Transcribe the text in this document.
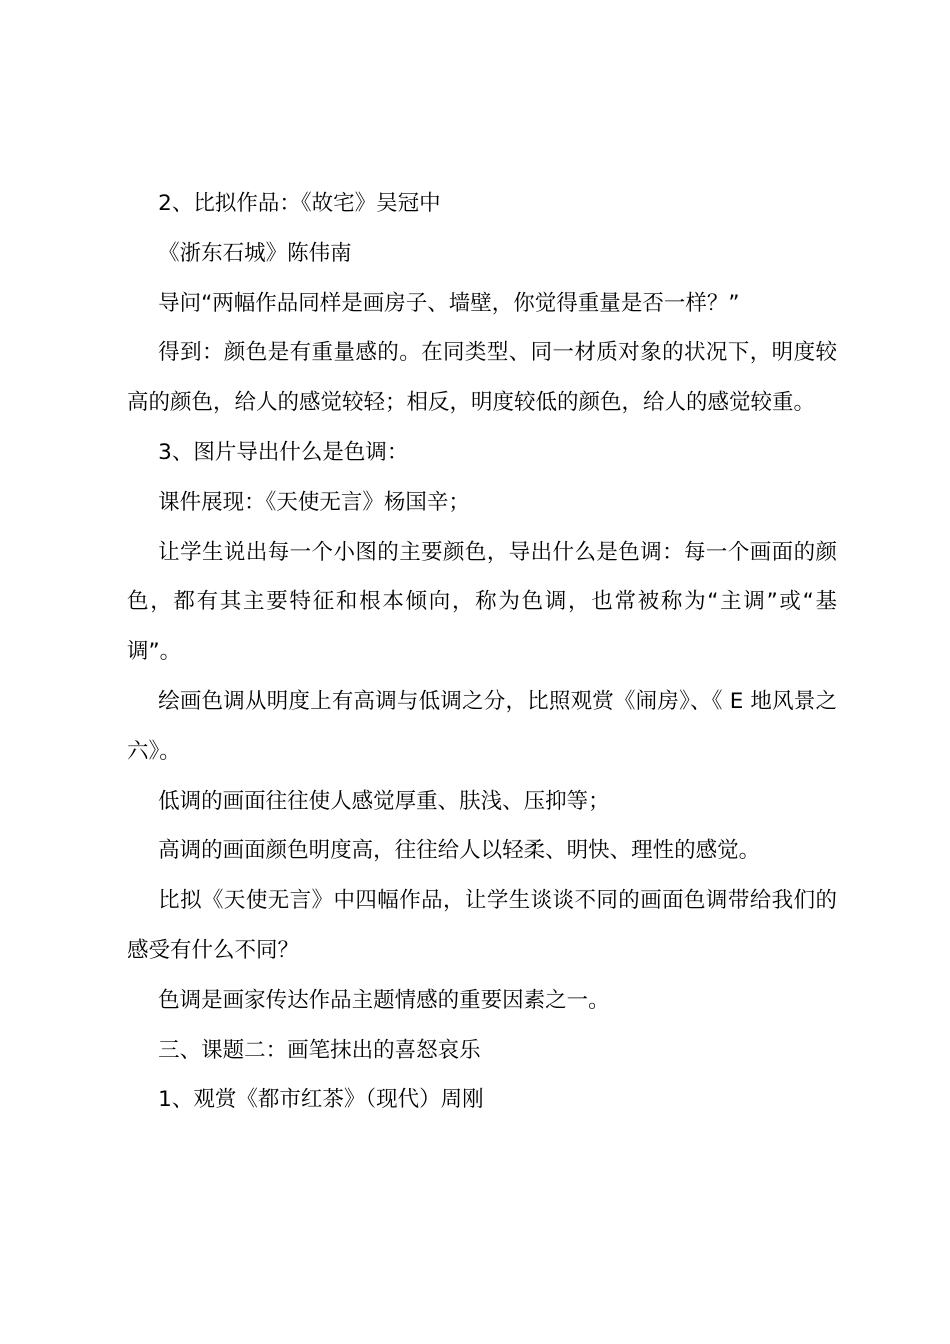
2、比拟作品：《故宅》吴冠中

《浙东石城》陈伟南

导问“两幅作品同样是画房子、墙壁，你觉得重量是否一样？”

得到：颜色是有重量感的。在同类型、同一材质对象的状况下，明度较高的颜色，给人的感觉较轻；相反，明度较低的颜色，给人的感觉较重。

3、图片导出什么是色调：

课件展现：《天使无言》杨国辛；

让学生说出每一个小图的主要颜色，导出什么是色调：每一个画面的颜色，都有其主要特征和根本倾向，称为色调，也常被称为“主调”或“基调”。

绘画色调从明度上有高调与低调之分，比照观赏《闹房》、《 E 地风景之六》。

低调的画面往往使人感觉厚重、肤浅、压抑等；

高调的画面颜色明度高，往往给人以轻柔、明快、理性的感觉。

比拟《天使无言》中四幅作品，让学生谈谈不同的画面色调带给我们的感受有什么不同？

色调是画家传达作品主题情感的重要因素之一。

三、课题二：画笔抹出的喜怒哀乐

1、观赏《都市红茶》（现代）周刚
